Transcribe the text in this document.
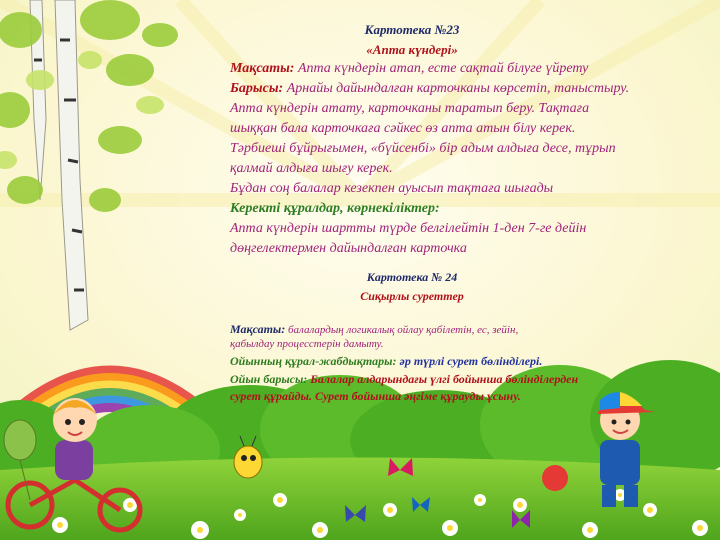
Картотека №23
«Апта күндері»
Мақсаты: Апта күндерін атап, есте сақтай білуге үйрету
Барысы: Арнайы дайындалған карточканы көрсетіп, таныстыру.
Апта күндерін атату, карточканы таратып беру. Тақтаға
шыққан бала карточкаға сәйкес өз апта атын білу керек.
Тәрбиеші бұйрығымен, «бүйсенбі» бір адым алдыға десе, тұрып
қалмай алдыға шығу керек.
Бұдан соң балалар кезекпен ауысып тақтаға шығады
Керекті құралдар, көрнекіліктер:
Апта күндерін шартты түрде белгілейтін 1-ден 7-ге дейін
дөңгелектермен дайындалған карточка
Картотека № 24
Сиқырлы суреттер
Мақсаты: балалардың логикалық ойлау қабілетін, ес, зейін,
қабылдау процесстерін дамыту.
Ойынның құрал-жабдықтары: әр түрлі сурет бөлінділері.
Ойын барысы: Балалар алдарындағы үлгі бойынша бөлінділерден
сурет құрайды. Сурет бойынша әңгіме құрауды ұсыну.
